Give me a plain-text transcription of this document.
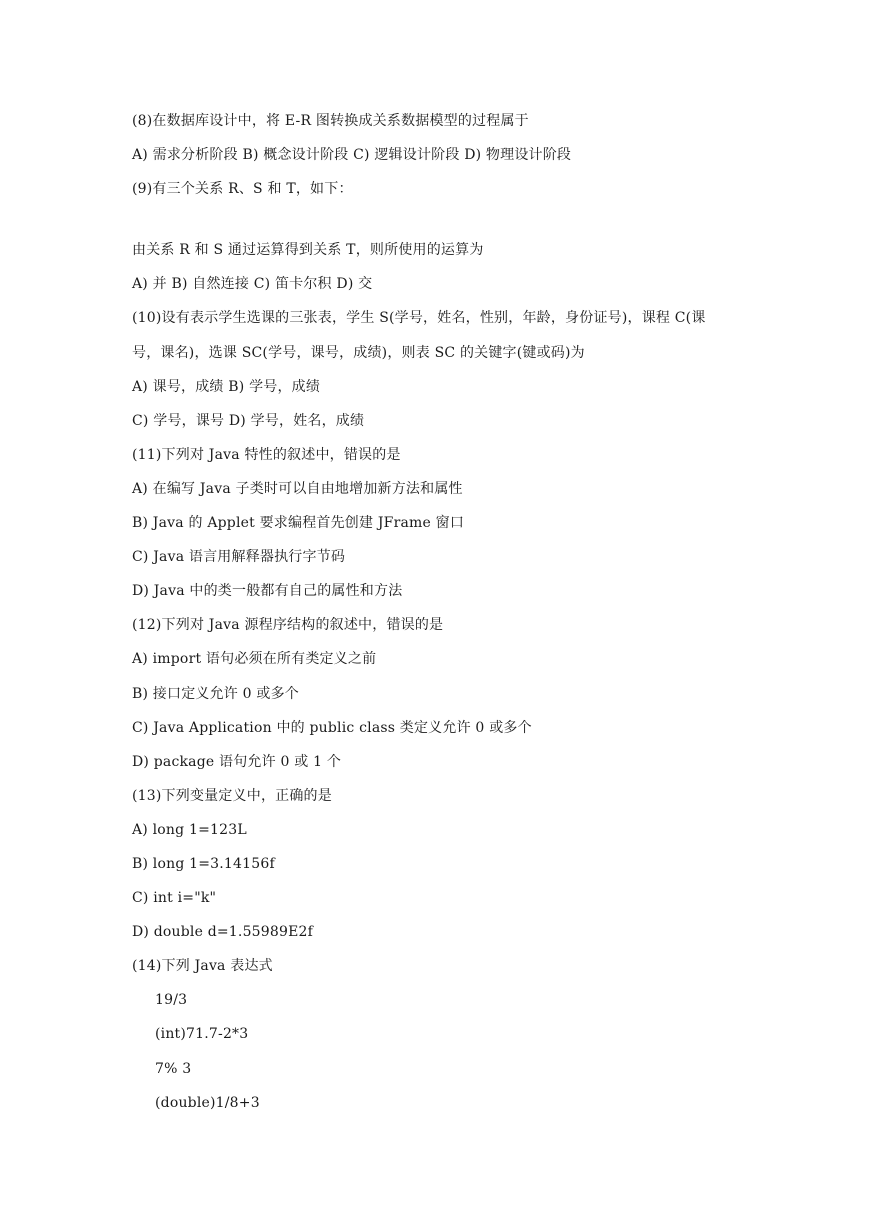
(8)在数据库设计中，将 E-R 图转换成关系数据模型的过程属于
A) 需求分析阶段 B) 概念设计阶段 C) 逻辑设计阶段 D) 物理设计阶段
(9)有三个关系 R、S 和 T，如下：
由关系 R 和 S 通过运算得到关系 T，则所使用的运算为
A) 并 B) 自然连接 C) 笛卡尔积 D) 交
(10)设有表示学生选课的三张表，学生 S(学号，姓名，性别，年龄，身份证号)，课程 C(课
号，课名)，选课 SC(学号，课号，成绩)，则表 SC 的关键字(键或码)为
A) 课号，成绩 B) 学号，成绩
C) 学号，课号 D) 学号，姓名，成绩
(11)下列对 Java 特性的叙述中，错误的是
A) 在编写 Java 子类时可以自由地增加新方法和属性
B) Java 的 Applet 要求编程首先创建 JFrame 窗口
C) Java 语言用解释器执行字节码
D) Java 中的类一般都有自己的属性和方法
(12)下列对 Java 源程序结构的叙述中，错误的是
A) import 语句必须在所有类定义之前
B) 接口定义允许 0 或多个
C) Java Application 中的 public class 类定义允许 0 或多个
D) package 语句允许 0 或 1 个
(13)下列变量定义中，正确的是
A) long 1=123L
B) long 1=3.14156f
C) int i="k"
D) double d=1.55989E2f
(14)下列 Java 表达式
19/3
(int)71.7-2*3
7% 3
(double)1/8+3
